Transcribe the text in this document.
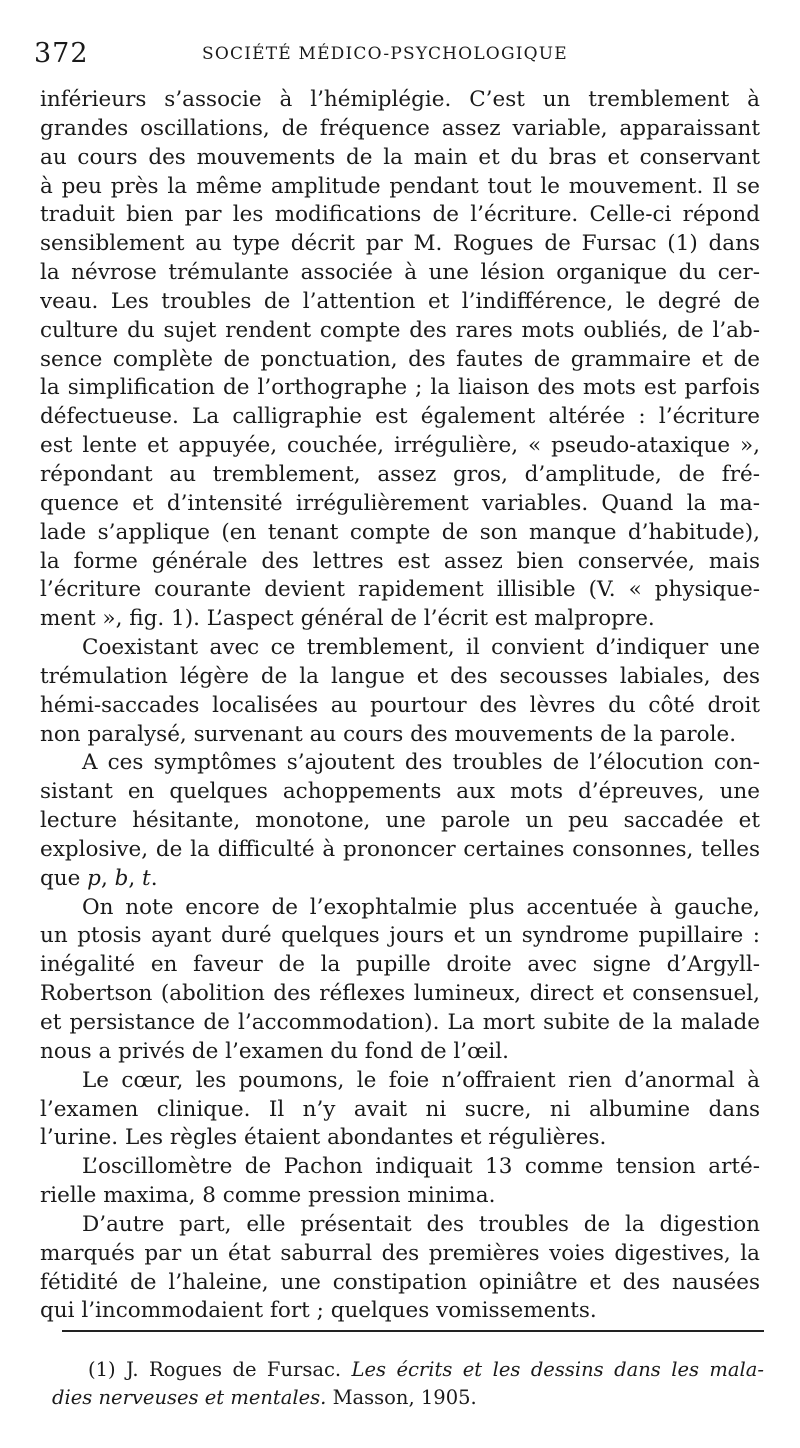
372	SOCIÉTÉ MÉDICO-PSYCHOLOGIQUE
inférieurs s’associe à l’hémiplégie. C’est un tremblement à
grandes oscillations, de fréquence assez variable, apparaissant
au cours des mouvements de la main et du bras et conservant
à peu près la même amplitude pendant tout le mouvement. Il se
traduit bien par les modifications de l’écriture. Celle-ci répond
sensiblement au type décrit par M. Rogues de Fursac (1) dans
la névrose trémulante associée à une lésion organique du cer-
veau. Les troubles de l’attention et l’indifférence, le degré de
culture du sujet rendent compte des rares mots oubliés, de l’ab-
sence complète de ponctuation, des fautes de grammaire et de
la simplification de l’orthographe ; la liaison des mots est parfois
défectueuse. La calligraphie est également altérée : l’écriture
est lente et appuyée, couchée, irrégulière, « pseudo-ataxique »,
répondant au tremblement, assez gros, d’amplitude, de fré-
quence et d’intensité irrégulièrement variables. Quand la ma-
lade s’applique (en tenant compte de son manque d’habitude),
la forme générale des lettres est assez bien conservée, mais
l’écriture courante devient rapidement illisible (V. « physique-
ment », fig. 1). L’aspect général de l’écrit est malpropre.
Coexistant avec ce tremblement, il convient d’indiquer une
trémulation légère de la langue et des secousses labiales, des
hémi-saccades localisées au pourtour des lèvres du côté droit
non paralysé, survenant au cours des mouvements de la parole.
A ces symptômes s’ajoutent des troubles de l’élocution con-
sistant en quelques achoppements aux mots d’épreuves, une
lecture hésitante, monotone, une parole un peu saccadée et
explosive, de la difficulté à prononcer certaines consonnes, telles
que p, b, t.
On note encore de l’exophtalmie plus accentuée à gauche,
un ptosis ayant duré quelques jours et un syndrome pupillaire :
inégalité en faveur de la pupille droite avec signe d’Argyll-
Robertson (abolition des réflexes lumineux, direct et consensuel,
et persistance de l’accommodation). La mort subite de la malade
nous a privés de l’examen du fond de l’œil.
Le cœur, les poumons, le foie n’offraient rien d’anormal à
l’examen clinique. Il n’y avait ni sucre, ni albumine dans
l’urine. Les règles étaient abondantes et régulières.
L’oscillomètre de Pachon indiquait 13 comme tension arté-
rielle maxima, 8 comme pression minima.
D’autre part, elle présentait des troubles de la digestion
marqués par un état saburral des premières voies digestives, la
fétidité de l’haleine, une constipation opiniâtre et des nausées
qui l’incommodaient fort ; quelques vomissements.
(1) J. Rogues de Fursac. Les écrits et les dessins dans les mala-
dies nerveuses et mentales. Masson, 1905.
